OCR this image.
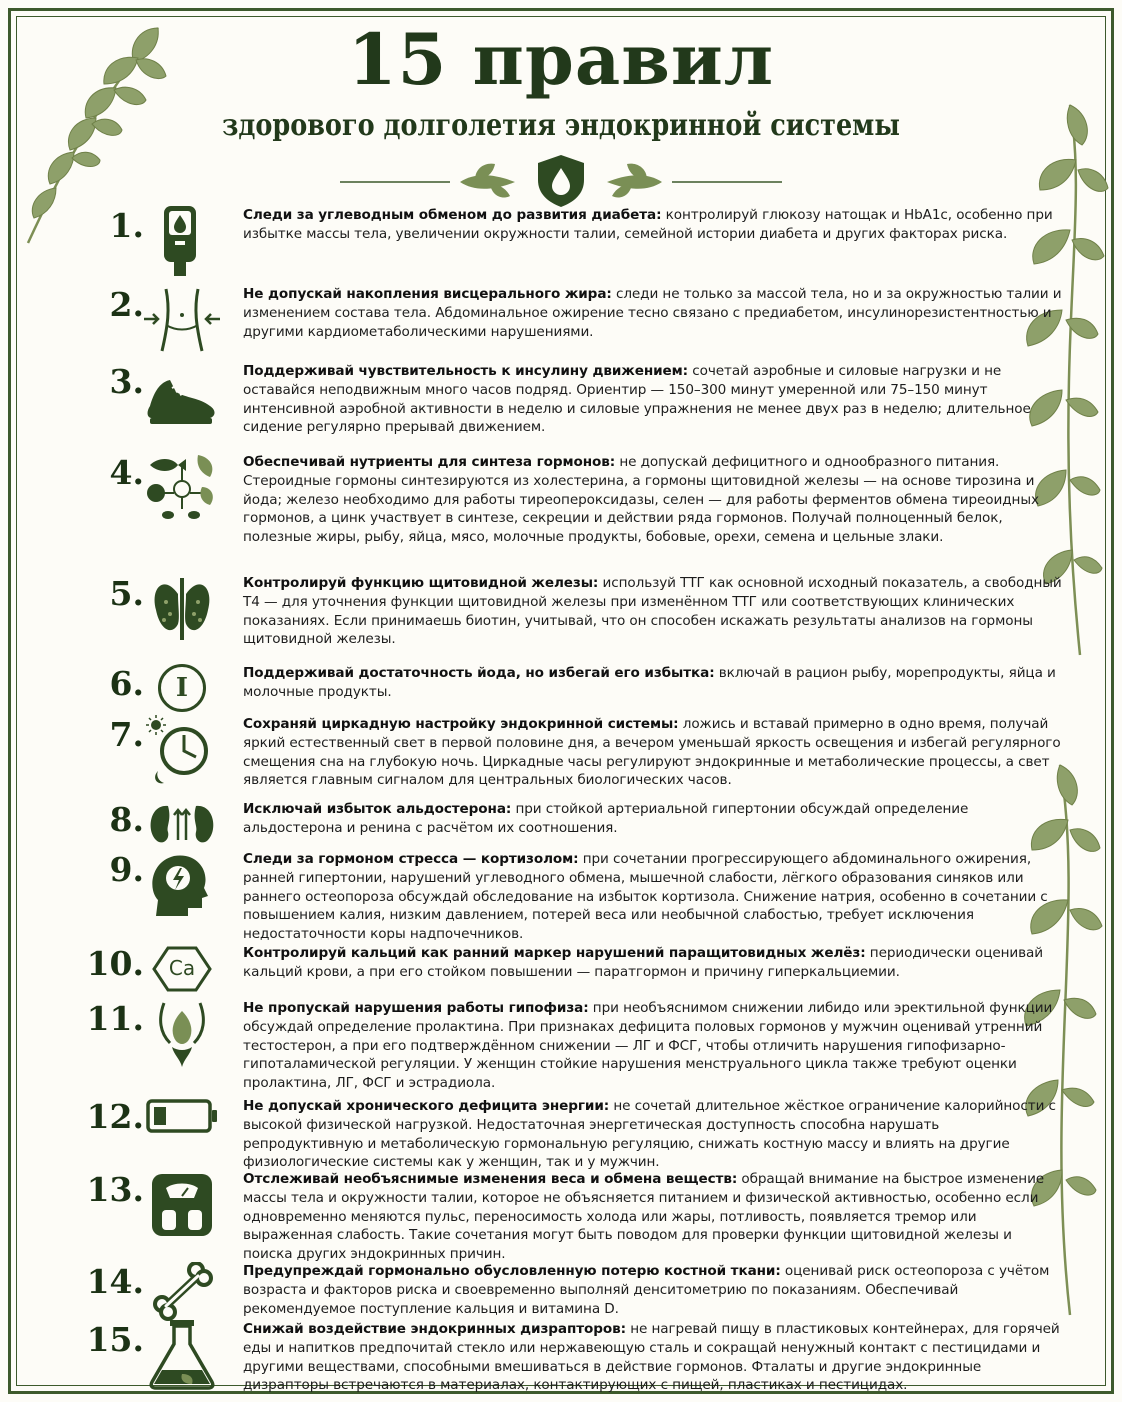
15 правил
здорового долголетия эндокринной системы
1.	Следи за углеводным обменом до развития диабета: контролируй глюкозу натощак и HbA1c, особенно при избытке массы тела, увеличении окружности талии, семейной истории диабета и других факторах риска.
2.	Не допускай накопления висцерального жира: следи не только за массой тела, но и за окружностью талии и изменением состава тела. Абдоминальное ожирение тесно связано с предиабетом, инсулинорезистентностью и другими кардиометаболическими нарушениями.
3.	Поддерживай чувствительность к инсулину движением: сочетай аэробные и силовые нагрузки и не оставайся неподвижным много часов подряд. Ориентир — 150–300 минут умеренной или 75–150 минут интенсивной аэробной активности в неделю и силовые упражнения не менее двух раз в неделю; длительное сидение регулярно прерывай движением.
4.	Обеспечивай нутриенты для синтеза гормонов: не допускай дефицитного и однообразного питания. Стероидные гормоны синтезируются из холестерина, а гормоны щитовидной железы — на основе тирозина и йода; железо необходимо для работы тиреопероксидазы, селен — для работы ферментов обмена тиреоидных гормонов, а цинк участвует в синтезе, секреции и действии ряда гормонов. Получай полноценный белок, полезные жиры, рыбу, яйца, мясо, молочные продукты, бобовые, орехи, семена и цельные злаки.
5.	Контролируй функцию щитовидной железы: используй ТТГ как основной исходный показатель, а свободный Т4 — для уточнения функции щитовидной железы при изменённом ТТГ или соответствующих клинических показаниях. Если принимаешь биотин, учитывай, что он способен искажать результаты анализов на гормоны щитовидной железы.
6.	I	Поддерживай достаточность йода, но избегай его избытка: включай в рацион рыбу, морепродукты, яйца и молочные продукты.
7.	Сохраняй циркадную настройку эндокринной системы: ложись и вставай примерно в одно время, получай яркий естественный свет в первой половине дня, а вечером уменьшай яркость освещения и избегай регулярного смещения сна на глубокую ночь. Циркадные часы регулируют эндокринные и метаболические процессы, а свет является главным сигналом для центральных биологических часов.
8.	Исключай избыток альдостерона: при стойкой артериальной гипертонии обсуждай определение альдостерона и ренина с расчётом их соотношения.
9.	Следи за гормоном стресса — кортизолом: при сочетании прогрессирующего абдоминального ожирения, ранней гипертонии, нарушений углеводного обмена, мышечной слабости, лёгкого образования синяков или раннего остеопороза обсуждай обследование на избыток кортизола. Снижение натрия, особенно в сочетании с повышением калия, низким давлением, потерей веса или необычной слабостью, требует исключения недостаточности коры надпочечников.
10.	Ca
Контролируй кальций как ранний маркер нарушений паращитовидных желёз: периодически оценивай кальций крови, а при его стойком повышении — паратгормон и причину гиперкальциемии.
11.	Не пропускай нарушения работы гипофиза: при необъяснимом снижении либидо или эректильной функции обсуждай определение пролактина. При признаках дефицита половых гормонов у мужчин оценивай утренний тестостерон, а при его подтверждённом снижении — ЛГ и ФСГ, чтобы отличить нарушения гипофизарно-гипоталамической регуляции. У женщин стойкие нарушения менструального цикла также требуют оценки пролактина, ЛГ, ФСГ и эстрадиола.
12.	Не допускай хронического дефицита энергии: не сочетай длительное жёсткое ограничение калорийности с высокой физической нагрузкой. Недостаточная энергетическая доступность способна нарушать репродуктивную и метаболическую гормональную регуляцию, снижать костную массу и влиять на другие физиологические системы как у женщин, так и у мужчин.
13.	Отслеживай необъяснимые изменения веса и обмена веществ: обращай внимание на быстрое изменение массы тела и окружности талии, которое не объясняется питанием и физической активностью, особенно если одновременно меняются пульс, переносимость холода или жары, потливость, появляется тремор или выраженная слабость. Такие сочетания могут быть поводом для проверки функции щитовидной железы и поиска других эндокринных причин.
14.	Предупреждай гормонально обусловленную потерю костной ткани: оценивай риск остеопороза с учётом возраста и факторов риска и своевременно выполняй денситометрию по показаниям. Обеспечивай рекомендуемое поступление кальция и витамина D.
15.	Снижай воздействие эндокринных дизрапторов: не нагревай пищу в пластиковых контейнерах, для горячей еды и напитков предпочитай стекло или нержавеющую сталь и сокращай ненужный контакт с пестицидами и другими веществами, способными вмешиваться в действие гормонов. Фталаты и другие эндокринные дизрапторы встречаются в материалах, контактирующих с пищей, пластиках и пестицидах.
